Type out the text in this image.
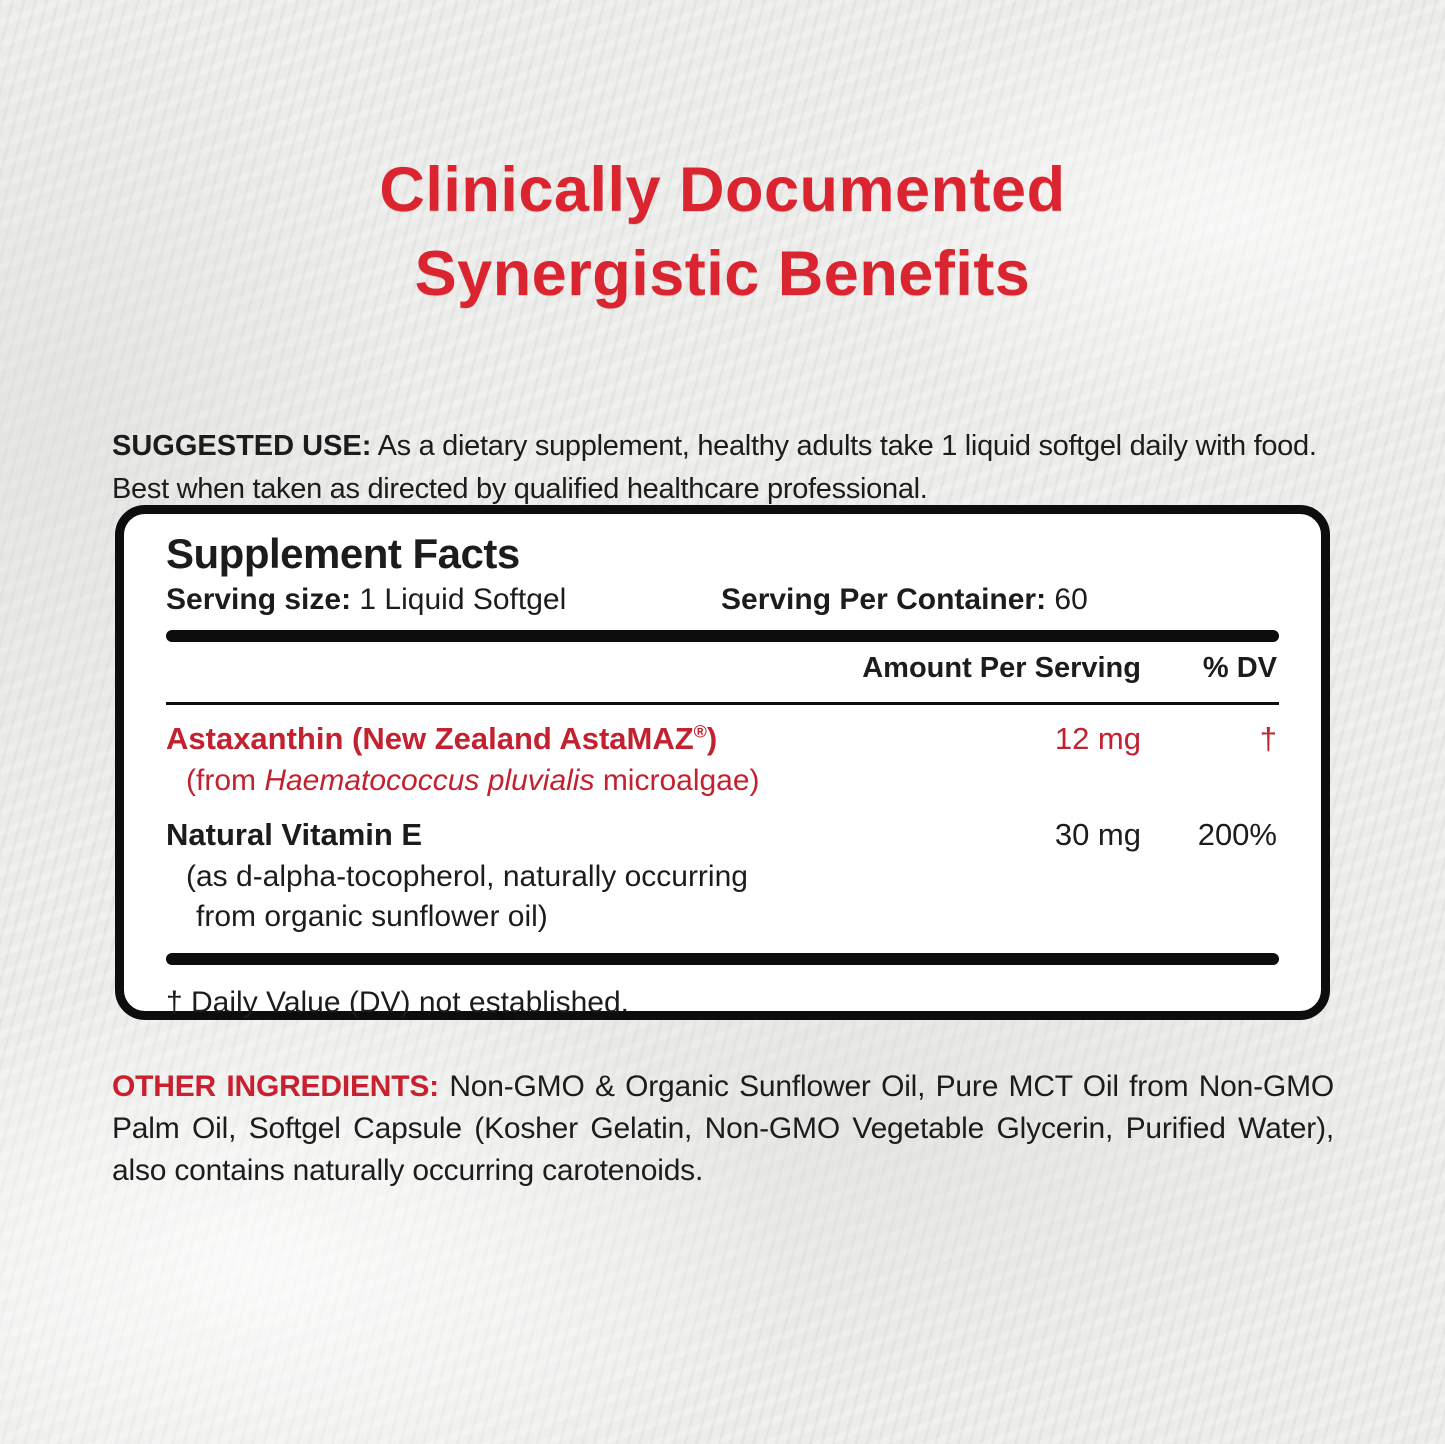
Clinically Documented
Synergistic Benefits

SUGGESTED USE: As a dietary supplement, healthy adults take 1 liquid softgel daily with food. Best when taken as directed by qualified healthcare professional.

Supplement Facts
Serving size: 1 Liquid Softgel	Serving Per Container: 60
Amount Per Serving % DV
Astaxanthin (New Zealand AstaMAZ®)	12 mg	†
(from Haematococcus pluvialis microalgae)
Natural Vitamin E	30 mg 200%
(as d-alpha-tocopherol, naturally occurring
from organic sunflower oil)
† Daily Value (DV) not established.

OTHER INGREDIENTS: Non-GMO & Organic Sunflower Oil, Pure MCT Oil from Non-GMO Palm Oil, Softgel Capsule (Kosher Gelatin, Non-GMO Vegetable Glycerin, Purified Water), also contains naturally occurring carotenoids.
